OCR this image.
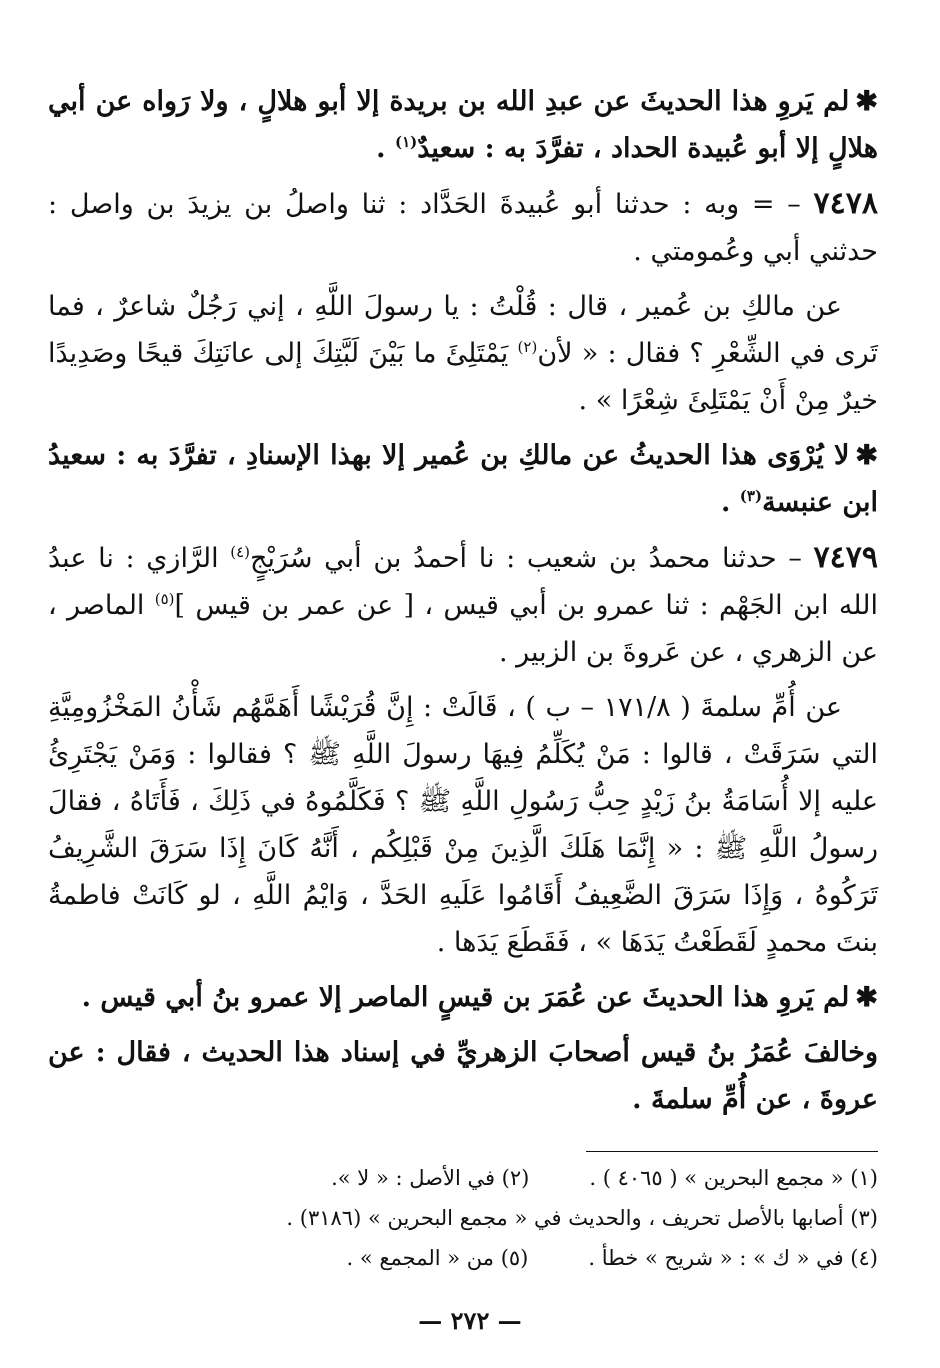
✱لم يَروِ هذا الحديثَ عن عبدِ الله بن بريدة إلا أبو هلالٍ ، ولا رَواه عن أبي هلالٍ إلا أبو عُبيدة الحداد ، تفرَّدَ به : سعيدٌ$^{(١)}$ .

٧٤٧٨ – = وبه : حدثنا أبو عُبيدةَ الحَدَّاد : ثنا واصلُ بن يزيدَ بن واصل : حدثني أبي وعُمومتي .

عن مالكِ بن عُمير ، قال : قُلْتُ : يا رسولَ اللَّهِ ، إني رَجُلٌ شاعرٌ ، فما تَرى في الشِّعْرِ ؟ فقال : « لأن$^{(٢)}$ يَمْتَلِئَ ما بَيْنَ لَبَّتِكَ إلى عانَتِكَ قيحًا وصَدِيدًا خيرٌ مِنْ أَنْ يَمْتَلِئَ شِعْرًا » .

✱لا يُرْوَى هذا الحديثُ عن مالكِ بن عُمير إلا بهذا الإسنادِ ، تفرَّدَ به : سعيدُ ابن عنبسة$^{(٣)}$ .

٧٤٧٩ – حدثنا محمدُ بن شعيب : نا أحمدُ بن أبي سُرَيْجٍ$^{(٤)}$ الرَّازي : نا عبدُ الله ابن الجَهْم : ثنا عمرو بن أبي قيس ، [ عن عمر بن قيس ]$^{(٥)}$ الماصر ، عن الزهري ، عن عَروةَ بن الزبير .

عن أُمِّ سلمةَ ( ١٧١/٨ – ب ) ، قَالَتْ : إِنَّ قُرَيْشًا أَهَمَّهُم شَأْنُ المَخْزُومِيَّةِ التي سَرَقَتْ ، قالوا : مَنْ يُكَلِّمُ فِيهَا رسولَ اللَّهِ ﷺ ؟ فقالوا : وَمَنْ يَجْتَرِئُ عليه إلا أُسَامَةُ بنُ زَيْدٍ حِبُّ رَسُولِ اللَّهِ ﷺ ؟ فَكَلَّمُوهُ في ذَلِكَ ، فَأَتَاهُ ، فقالَ رسولُ اللَّهِ ﷺ : « إِنَّمَا هَلَكَ الَّذِينَ مِنْ قَبْلِكُم ، أَنَّهُ كَانَ إِذَا سَرَقَ الشَّرِيفُ تَرَكُوهُ ، وَإِذَا سَرَقَ الضَّعِيفُ أَقَامُوا عَلَيهِ الحَدَّ ، وَايْمُ اللَّهِ ، لو كَانَتْ فاطمةُ بنتَ محمدٍ لَقَطَعْتُ يَدَهَا » ، فَقَطَعَ يَدَها .

✱لم يَروِ هذا الحديثَ عن عُمَرَ بن قيسٍ الماصر إلا عمرو بنُ أبي قيس .

وخالفَ عُمَرُ بنُ قيس أصحابَ الزهريِّ في إسناد هذا الحديث ، فقال : عن عروةَ ، عن أُمِّ سلمةَ .

(١) « مجمع البحرين » ( ٤٠٦٥ ) .(٢) في الأصل : « لا ».
(٣) أصابها بالأصل تحريف ، والحديث في « مجمع البحرين » (٣١٨٦) .
(٤) في « ك » : « شريح » خطأ .(٥) من « المجمع » .
— ٢٧٢ —
